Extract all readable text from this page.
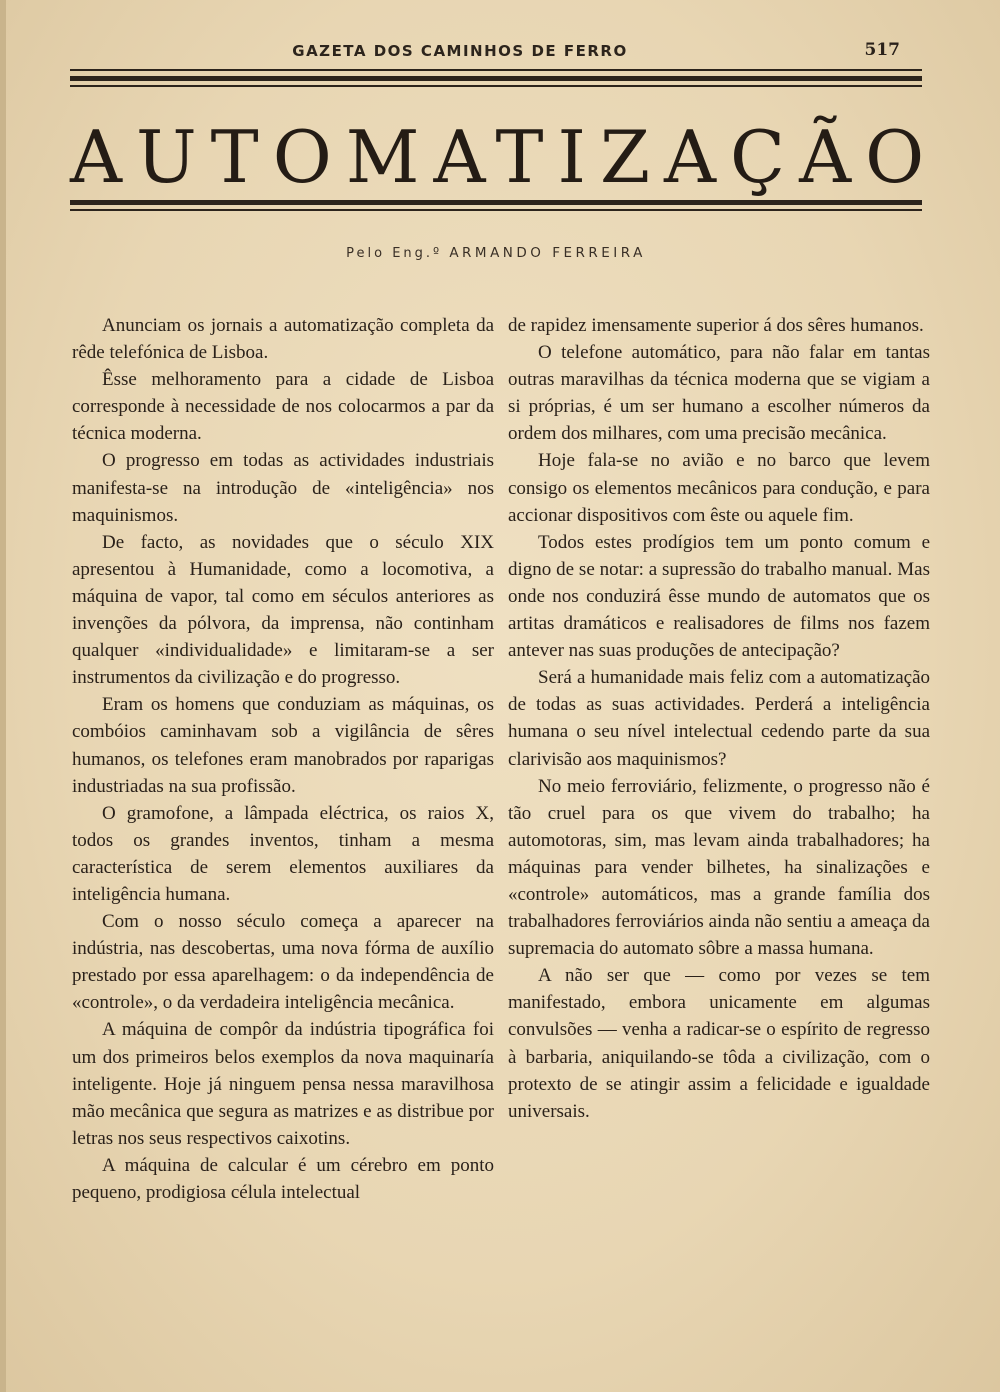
GAZETA DOS CAMINHOS DE FERRO	517
AUTOMATIZAÇÃO
Pelo Eng.º ARMANDO FERREIRA

Anunciam os jornais a automatização completa da rêde telefónica de Lisboa.

Êsse melhoramento para a cidade de Lisboa corresponde à necessidade de nos colocarmos a par da técnica moderna.

O progresso em todas as actividades industriais manifesta-se na introdução de «inteligência» nos maquinismos.

De facto, as novidades que o século XIX apresentou à Humanidade, como a locomotiva, a máquina de vapor, tal como em séculos anteriores as invenções da pólvora, da imprensa, não continham qualquer «individualidade» e limitaram-se a ser instrumentos da civilização e do progresso.

Eram os homens que conduziam as máquinas, os combóios caminhavam sob a vigilância de sêres humanos, os telefones eram manobrados por raparigas industriadas na sua profissão.

O gramofone, a lâmpada eléctrica, os raios X, todos os grandes inventos, tinham a mesma característica de serem elementos auxiliares da inteligência humana.

Com o nosso século começa a aparecer na indústria, nas descobertas, uma nova fórma de auxílio prestado por essa aparelhagem: o da independência de «controle», o da verdadeira inteligência mecânica.

A máquina de compôr da indústria tipográfica foi um dos primeiros belos exemplos da nova maquinaría inteligente. Hoje já ninguem pensa nessa maravilhosa mão mecânica que segura as matrizes e as distribue por letras nos seus respectivos caixotins.

A máquina de calcular é um cérebro em ponto pequeno, prodigiosa célula intelectual

de rapidez imensamente superior á dos sêres humanos.

O telefone automático, para não falar em tantas outras maravilhas da técnica moderna que se vigiam a si próprias, é um ser humano a escolher números da ordem dos milhares, com uma precisão mecânica.

Hoje fala-se no avião e no barco que levem consigo os elementos mecânicos para condução, e para accionar dispositivos com êste ou aquele fim.

Todos estes prodígios tem um ponto comum e digno de se notar: a supressão do trabalho manual. Mas onde nos conduzirá êsse mundo de automatos que os artitas dramáticos e realisadores de films nos fazem antever nas suas produções de antecipação?

Será a humanidade mais feliz com a automatização de todas as suas actividades. Perderá a inteligência humana o seu nível intelectual cedendo parte da sua clarivisão aos maquinismos?

No meio ferroviário, felizmente, o progresso não é tão cruel para os que vivem do trabalho; ha automotoras, sim, mas levam ainda trabalhadores; ha máquinas para vender bilhetes, ha sinalizações e «controle» automáticos, mas a grande família dos trabalhadores ferroviários ainda não sentiu a ameaça da supremacia do automato sôbre a massa humana.

A não ser que — como por vezes se tem manifestado, embora unicamente em algumas convulsões — venha a radicar-se o espírito de regresso à barbaria, aniquilando-se tôda a civilização, com o protexto de se atingir assim a felicidade e igualdade universais.
